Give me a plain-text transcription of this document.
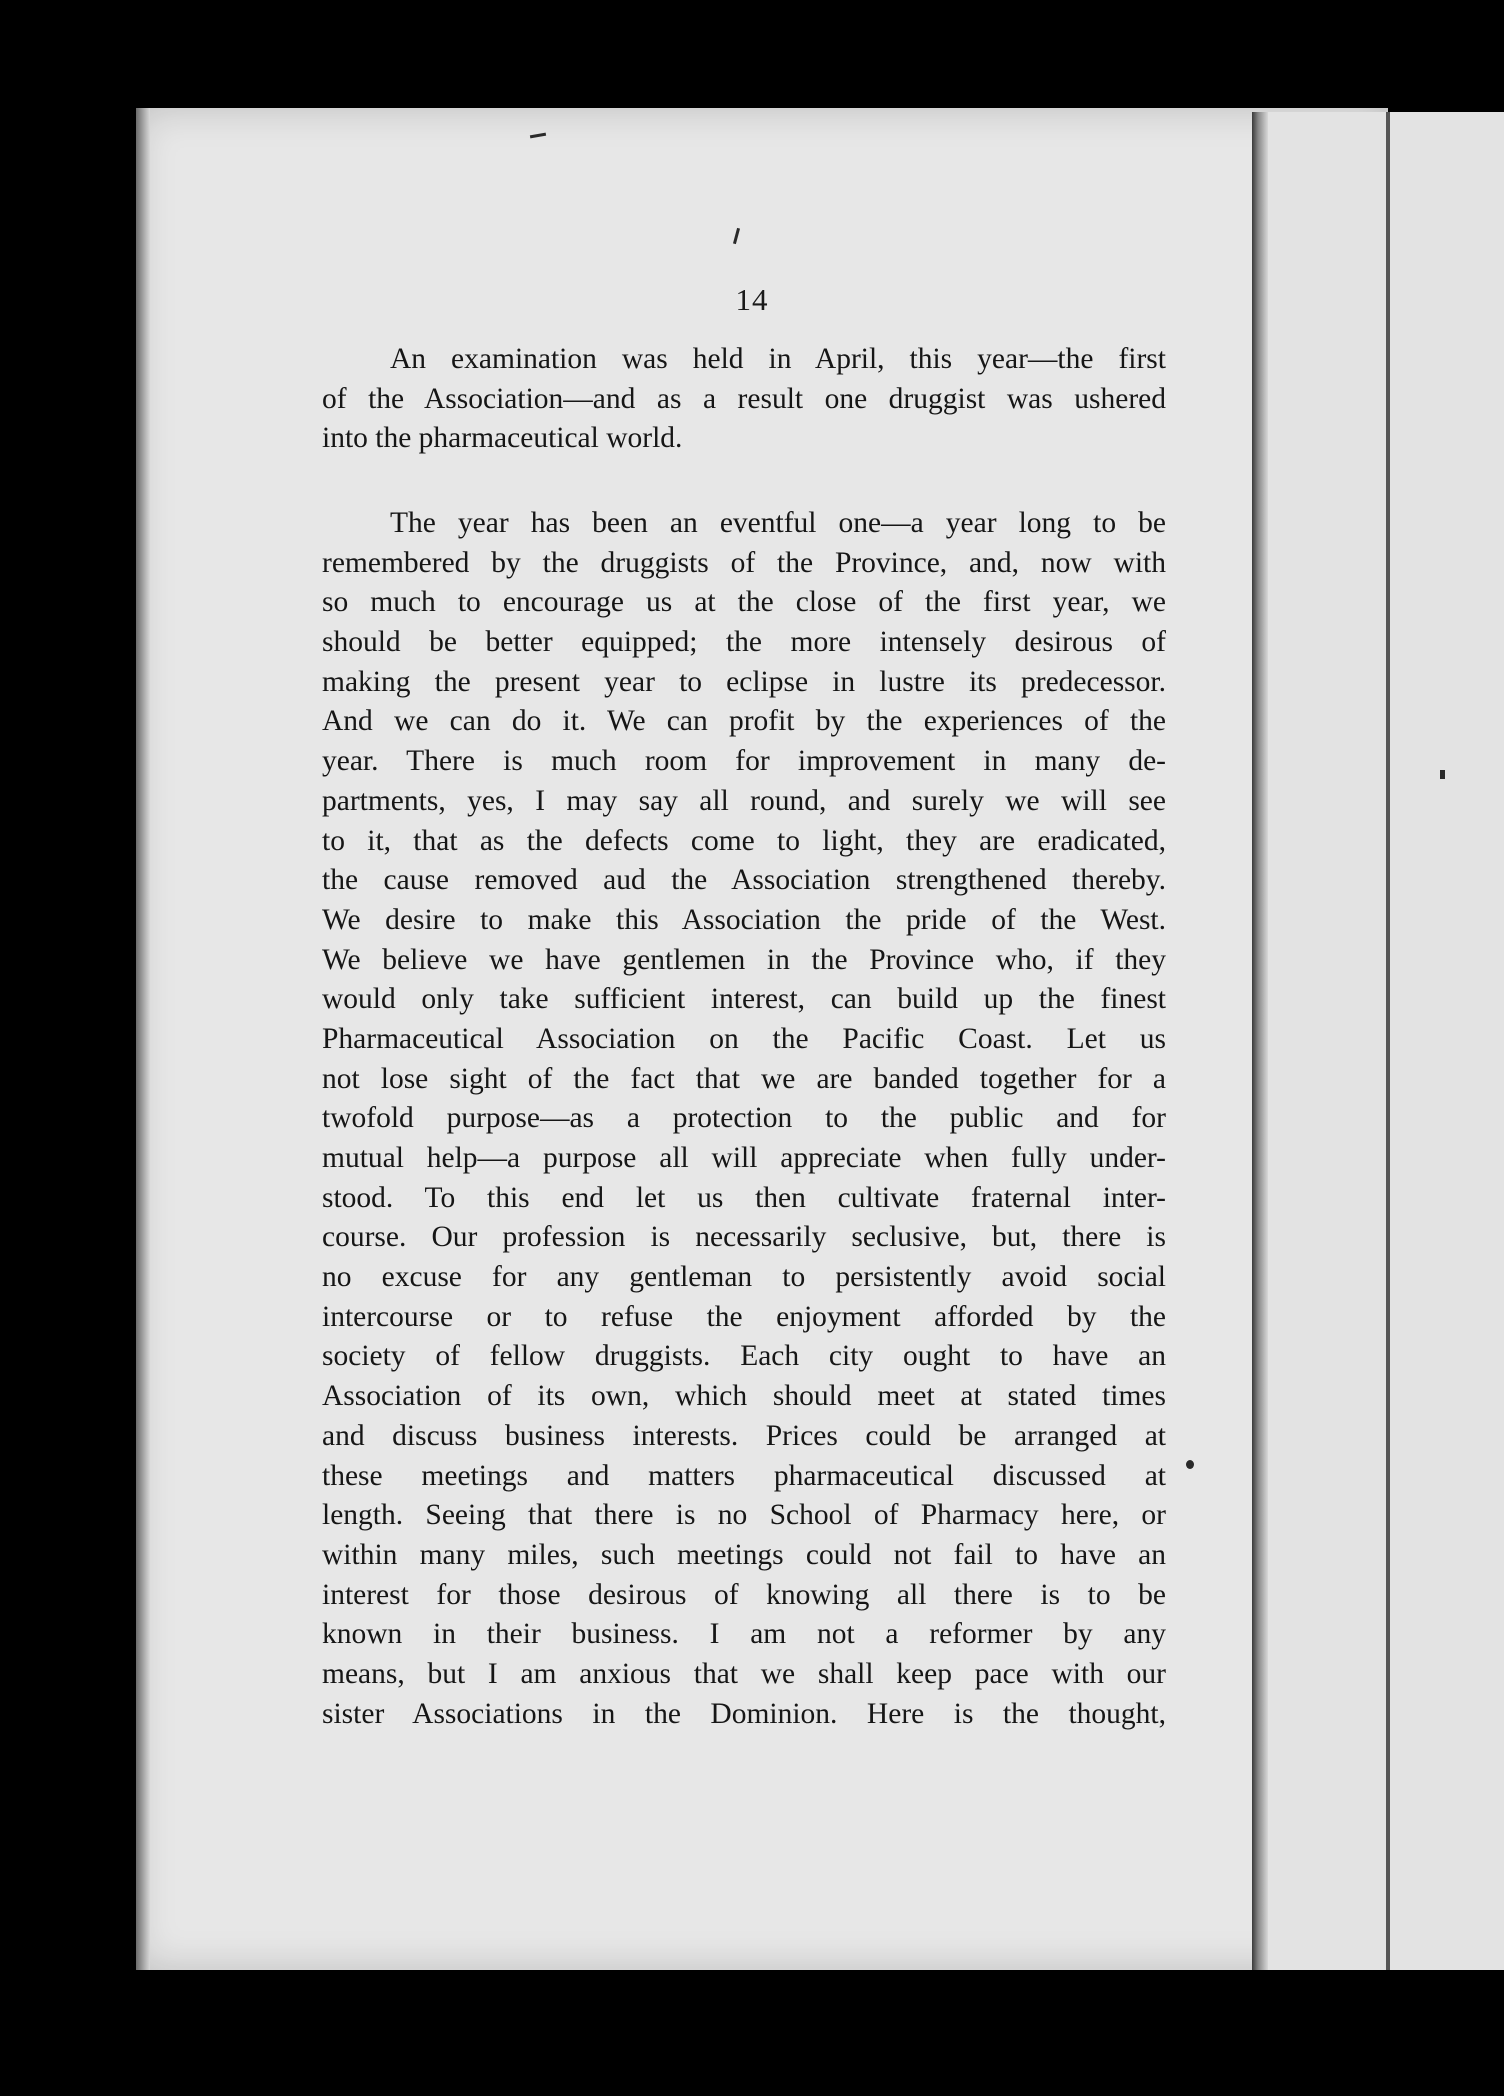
14
An examination was held in April, this year—the first
of the Association—and as a result one druggist was ushered
into the pharmaceutical world.
The year has been an eventful one—a year long to be
remembered by the druggists of the Province, and, now with
so much to encourage us at the close of the first year, we
should be better equipped; the more intensely desirous of
making the present year to eclipse in lustre its predecessor.
And we can do it. We can profit by the experiences of the
year. There is much room for improvement in many de-
partments, yes, I may say all round, and surely we will see
to it, that as the defects come to light, they are eradicated,
the cause removed aud the Association strengthened thereby.
We desire to make this Association the pride of the West.
We believe we have gentlemen in the Province who, if they
would only take sufficient interest, can build up the finest
Pharmaceutical Association on the Pacific Coast. Let us
not lose sight of the fact that we are banded together for a
twofold purpose—as a protection to the public and for
mutual help—a purpose all will appreciate when fully under-
stood. To this end let us then cultivate fraternal inter-
course. Our profession is necessarily seclusive, but, there is
no excuse for any gentleman to persistently avoid social
intercourse or to refuse the enjoyment afforded by the
society of fellow druggists. Each city ought to have an
Association of its own, which should meet at stated times
and discuss business interests. Prices could be arranged at
these meetings and matters pharmaceutical discussed at
length. Seeing that there is no School of Pharmacy here, or
within many miles, such meetings could not fail to have an
interest for those desirous of knowing all there is to be
known in their business. I am not a reformer by any
means, but I am anxious that we shall keep pace with our
sister Associations in the Dominion. Here is the thought,
